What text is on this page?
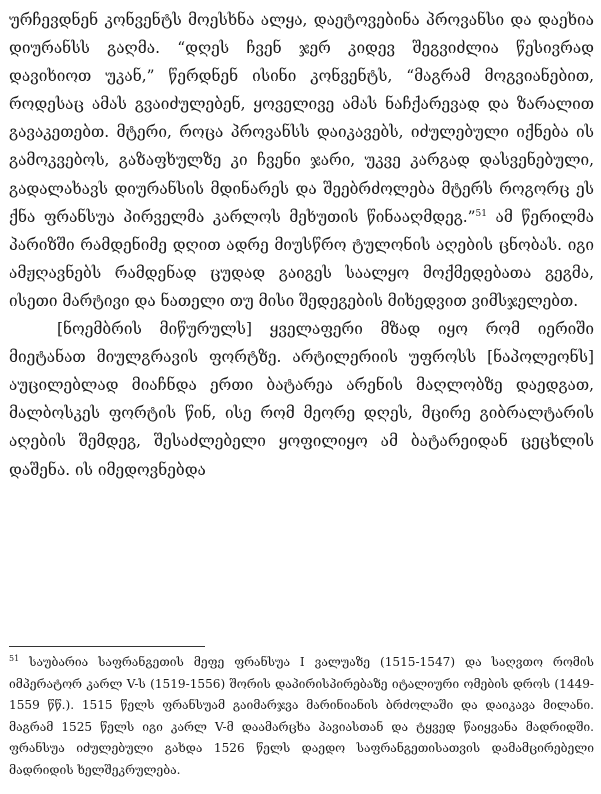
ურჩევდნენ კონვენტს მოესხნა ალყა, დაეტოვებინა პროვანსი და დაეხია დიურანსს გაღმა. “დღეს ჩვენ ჯერ კიდევ შეგვიძლია წესივრად დავიხიოთ უკან,” წერდნენ ისინი კონვენტს, “მაგრამ მოგვიანებით, როდესაც ამას გვაიძულებენ, ყოველივე ამას ნაჩქარევად და ზარალით გავაკეთებთ. მტერი, როცა პროვანსს დაიკავებს, იძულებული იქნება ის გამოკვებოს, გაზაფხულზე კი ჩვენი ჯარი, უკვე კარგად დასვენებული, გადალახავს დიურანსის მდინარეს და შეებრძოლება მტერს როგორც ეს ქნა ფრანსუა პირველმა კარლოს მეხუთის წინააღმდეგ.”$^{51}$ ამ წერილმა პარიზში რამდენიმე დღით ადრე მიუსწრო ტულონის აღების ცნობას. იგი ამჟღავნებს რამდენად ცუდად გაიგეს საალყო მოქმედებათა გეგმა, ისეთი მარტივი და ნათელი თუ მისი შედეგების მიხედვით ვიმსჯელებთ.

[ნოემბრის მიწურულს] ყველაფერი მზად იყო რომ იერიში მიეტანათ მიულგრავის ფორტზე. არტილერიის უფროსს [ნაპოლეონს] აუცილებლად მიაჩნდა ერთი ბატარეა არენის მაღლობზე დაედგათ, მალბოსკეს ფორტის წინ, ისე რომ მეორე დღეს, მცირე გიბრალტარის აღების შემდეგ, შესაძლებელი ყოფილიყო ამ ბატარეიდან ცეცხლის დაშენა. ის იმედოვნებდა

$^{51}$ საუბარია საფრანგეთის მეფე ფრანსუა I ვალუაზე (1515-1547) და საღვთო რომის იმპერატორ კარლ V-ს (1519-1556) შორის დაპირისპირებაზე იტალიური ომების დროს (1449-1559 წწ.). 1515 წელს ფრანსუამ გაიმარჯვა მარინიანის ბრძოლაში და დაიკავა მილანი. მაგრამ 1525 წელს იგი კარლ V-მ დაამარცხა პავიასთან და ტყვედ წაიყვანა მადრიდში. ფრანსუა იძულებული გახდა 1526 წელს დაედო საფრანგეთისათვის დამამცირებელი მადრიდის ხელშეკრულება.
